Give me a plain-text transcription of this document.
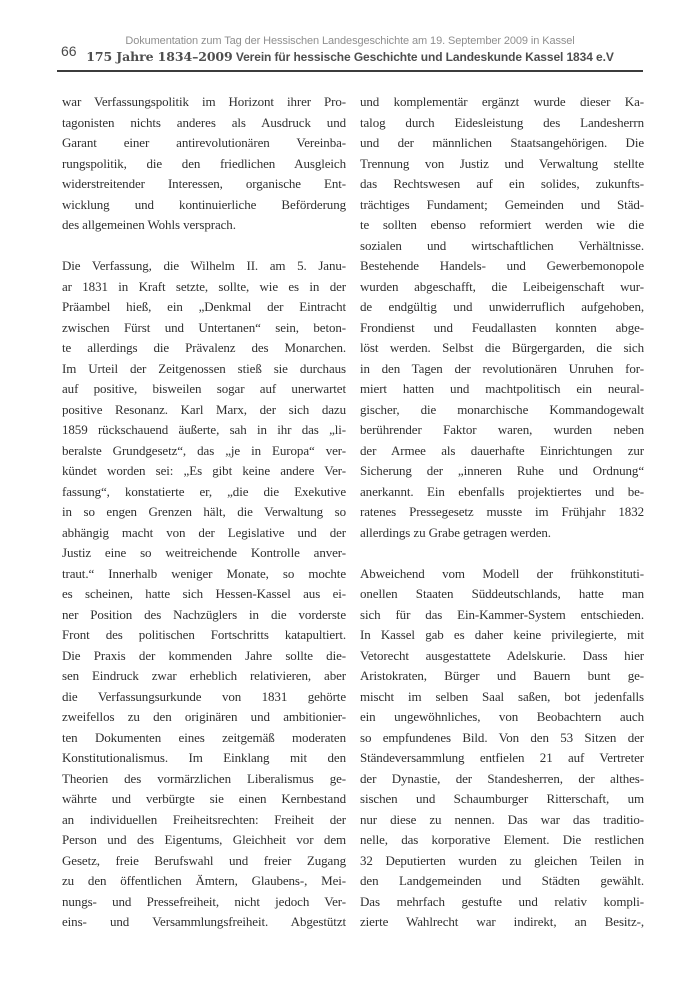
66
Dokumentation zum Tag der Hessischen Landesgeschichte am 19. September 2009 in Kassel
175 Jahre 1834–2009 Verein für hessische Geschichte und Landeskunde Kassel 1834 e.V
war Verfassungspolitik im Horizont ihrer Pro-
tagonisten nichts anderes als Ausdruck und
Garant einer antirevolutionären Vereinba-
rungspolitik, die den friedlichen Ausgleich
widerstreitender Interessen, organische Ent-
wicklung und kontinuierliche Beförderung
des allgemeinen Wohls versprach.
Die Verfassung, die Wilhelm II. am 5. Janu-
ar 1831 in Kraft setzte, sollte, wie es in der
Präambel hieß, ein „Denkmal der Eintracht
zwischen Fürst und Untertanen“ sein, beton-
te allerdings die Prävalenz des Monarchen.
Im Urteil der Zeitgenossen stieß sie durchaus
auf positive, bisweilen sogar auf unerwartet
positive Resonanz. Karl Marx, der sich dazu
1859 rückschauend äußerte, sah in ihr das „li-
beralste Grundgesetz“, das „je in Europa“ ver-
kündet worden sei: „Es gibt keine andere Ver-
fassung“, konstatierte er, „die die Exekutive
in so engen Grenzen hält, die Verwaltung so
abhängig macht von der Legislative und der
Justiz eine so weitreichende Kontrolle anver-
traut.“ Innerhalb weniger Monate, so mochte
es scheinen, hatte sich Hessen-Kassel aus ei-
ner Position des Nachzüglers in die vorderste
Front des politischen Fortschritts katapultiert.
Die Praxis der kommenden Jahre sollte die-
sen Eindruck zwar erheblich relativieren, aber
die Verfassungsurkunde von 1831 gehörte
zweifellos zu den originären und ambitionier-
ten Dokumenten eines zeitgemäß moderaten
Konstitutionalismus. Im Einklang mit den
Theorien des vormärzlichen Liberalismus ge-
währte und verbürgte sie einen Kernbestand
an individuellen Freiheitsrechten: Freiheit der
Person und des Eigentums, Gleichheit vor dem
Gesetz, freie Berufswahl und freier Zugang
zu den öffentlichen Ämtern, Glaubens-, Mei-
nungs- und Pressefreiheit, nicht jedoch Ver-
eins- und Versammlungsfreiheit. Abgestützt
und komplementär ergänzt wurde dieser Ka-
talog durch Eidesleistung des Landesherrn
und der männlichen Staatsangehörigen. Die
Trennung von Justiz und Verwaltung stellte
das Rechtswesen auf ein solides, zukunfts-
trächtiges Fundament; Gemeinden und Städ-
te sollten ebenso reformiert werden wie die
sozialen und wirtschaftlichen Verhältnisse.
Bestehende Handels- und Gewerbemonopole
wurden abgeschafft, die Leibeigenschaft wur-
de endgültig und unwiderruflich aufgehoben,
Frondienst und Feudallasten konnten abge-
löst werden. Selbst die Bürgergarden, die sich
in den Tagen der revolutionären Unruhen for-
miert hatten und machtpolitisch ein neural-
gischer, die monarchische Kommandogewalt
berührender Faktor waren, wurden neben
der Armee als dauerhafte Einrichtungen zur
Sicherung der „inneren Ruhe und Ordnung“
anerkannt. Ein ebenfalls projektiertes und be-
ratenes Pressegesetz musste im Frühjahr 1832
allerdings zu Grabe getragen werden.
Abweichend vom Modell der frühkonstituti-
onellen Staaten Süddeutschlands, hatte man
sich für das Ein-Kammer-System entschieden.
In Kassel gab es daher keine privilegierte, mit
Vetorecht ausgestattete Adelskurie. Dass hier
Aristokraten, Bürger und Bauern bunt ge-
mischt im selben Saal saßen, bot jedenfalls
ein ungewöhnliches, von Beobachtern auch
so empfundenes Bild. Von den 53 Sitzen der
Ständeversammlung entfielen 21 auf Vertreter
der Dynastie, der Standesherren, der althes-
sischen und Schaumburger Ritterschaft, um
nur diese zu nennen. Das war das traditio-
nelle, das korporative Element. Die restlichen
32 Deputierten wurden zu gleichen Teilen in
den Landgemeinden und Städten gewählt.
Das mehrfach gestufte und relativ kompli-
zierte Wahlrecht war indirekt, an Besitz-,
